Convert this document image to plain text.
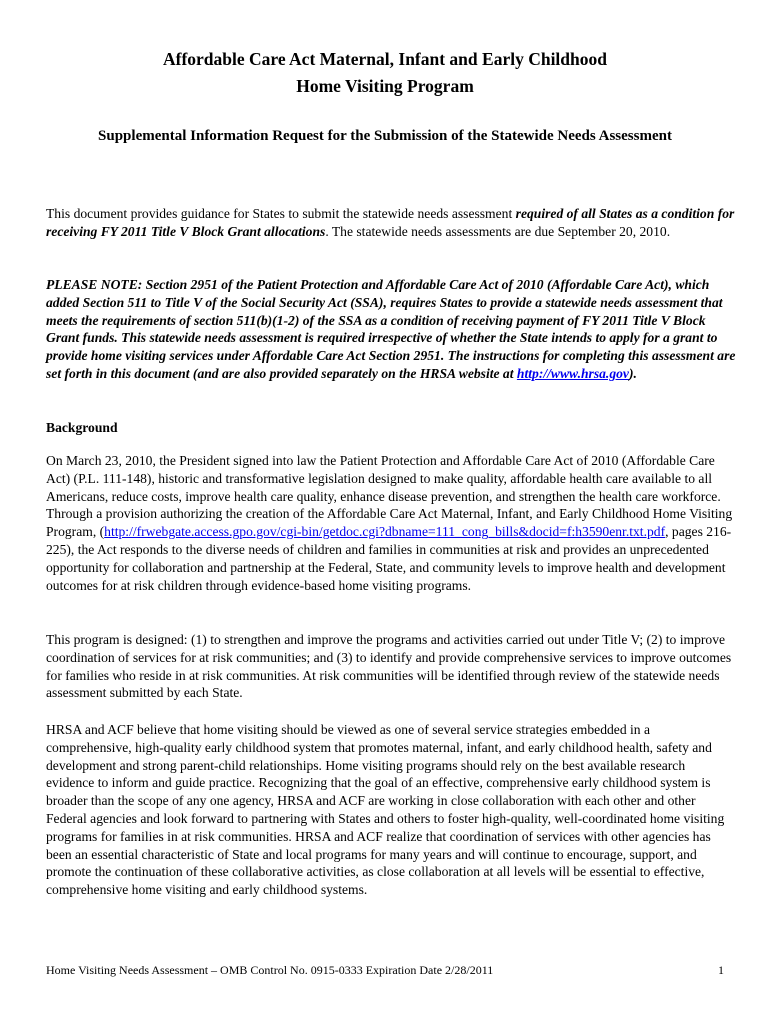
Affordable Care Act Maternal, Infant and Early Childhood
Home Visiting Program
Supplemental Information Request for the Submission of the Statewide Needs Assessment

This document provides guidance for States to submit the statewide needs assessment required of all States as a condition for receiving FY 2011 Title V Block Grant allocations. The statewide needs assessments are due September 20, 2010.

PLEASE NOTE: Section 2951 of the Patient Protection and Affordable Care Act of 2010 (Affordable Care Act), which added Section 511 to Title V of the Social Security Act (SSA), requires States to provide a statewide needs assessment that meets the requirements of section 511(b)(1-2) of the SSA as a condition of receiving payment of FY 2011 Title V Block Grant funds. This statewide needs assessment is required irrespective of whether the State intends to apply for a grant to provide home visiting services under Affordable Care Act Section 2951. The instructions for completing this assessment are set forth in this document (and are also provided separately on the HRSA website at http://www.hrsa.gov).

Background

On March 23, 2010, the President signed into law the Patient Protection and Affordable Care Act of 2010 (Affordable Care Act) (P.L. 111-148), historic and transformative legislation designed to make quality, affordable health care available to all Americans, reduce costs, improve health care quality, enhance disease prevention, and strengthen the health care workforce. Through a provision authorizing the creation of the Affordable Care Act Maternal, Infant, and Early Childhood Home Visiting Program, (http://frwebgate.access.gpo.gov/cgi-bin/getdoc.cgi?dbname=111_cong_bills&docid=f:h3590enr.txt.pdf, pages 216-225), the Act responds to the diverse needs of children and families in communities at risk and provides an unprecedented opportunity for collaboration and partnership at the Federal, State, and community levels to improve health and development outcomes for at risk children through evidence-based home visiting programs.

This program is designed: (1) to strengthen and improve the programs and activities carried out under Title V; (2) to improve coordination of services for at risk communities; and (3) to identify and provide comprehensive services to improve outcomes for families who reside in at risk communities. At risk communities will be identified through review of the statewide needs assessment submitted by each State.

HRSA and ACF believe that home visiting should be viewed as one of several service strategies embedded in a comprehensive, high-quality early childhood system that promotes maternal, infant, and early childhood health, safety and development and strong parent-child relationships. Home visiting programs should rely on the best available research evidence to inform and guide practice. Recognizing that the goal of an effective, comprehensive early childhood system is broader than the scope of any one agency, HRSA and ACF are working in close collaboration with each other and other Federal agencies and look forward to partnering with States and others to foster high-quality, well-coordinated home visiting programs for families in at risk communities. HRSA and ACF realize that coordination of services with other agencies has been an essential characteristic of State and local programs for many years and will continue to encourage, support, and promote the continuation of these collaborative activities, as close collaboration at all levels will be essential to effective, comprehensive home visiting and early childhood systems.

Home Visiting Needs Assessment – OMB Control No. 0915-0333 Expiration Date 2/28/2011	1
